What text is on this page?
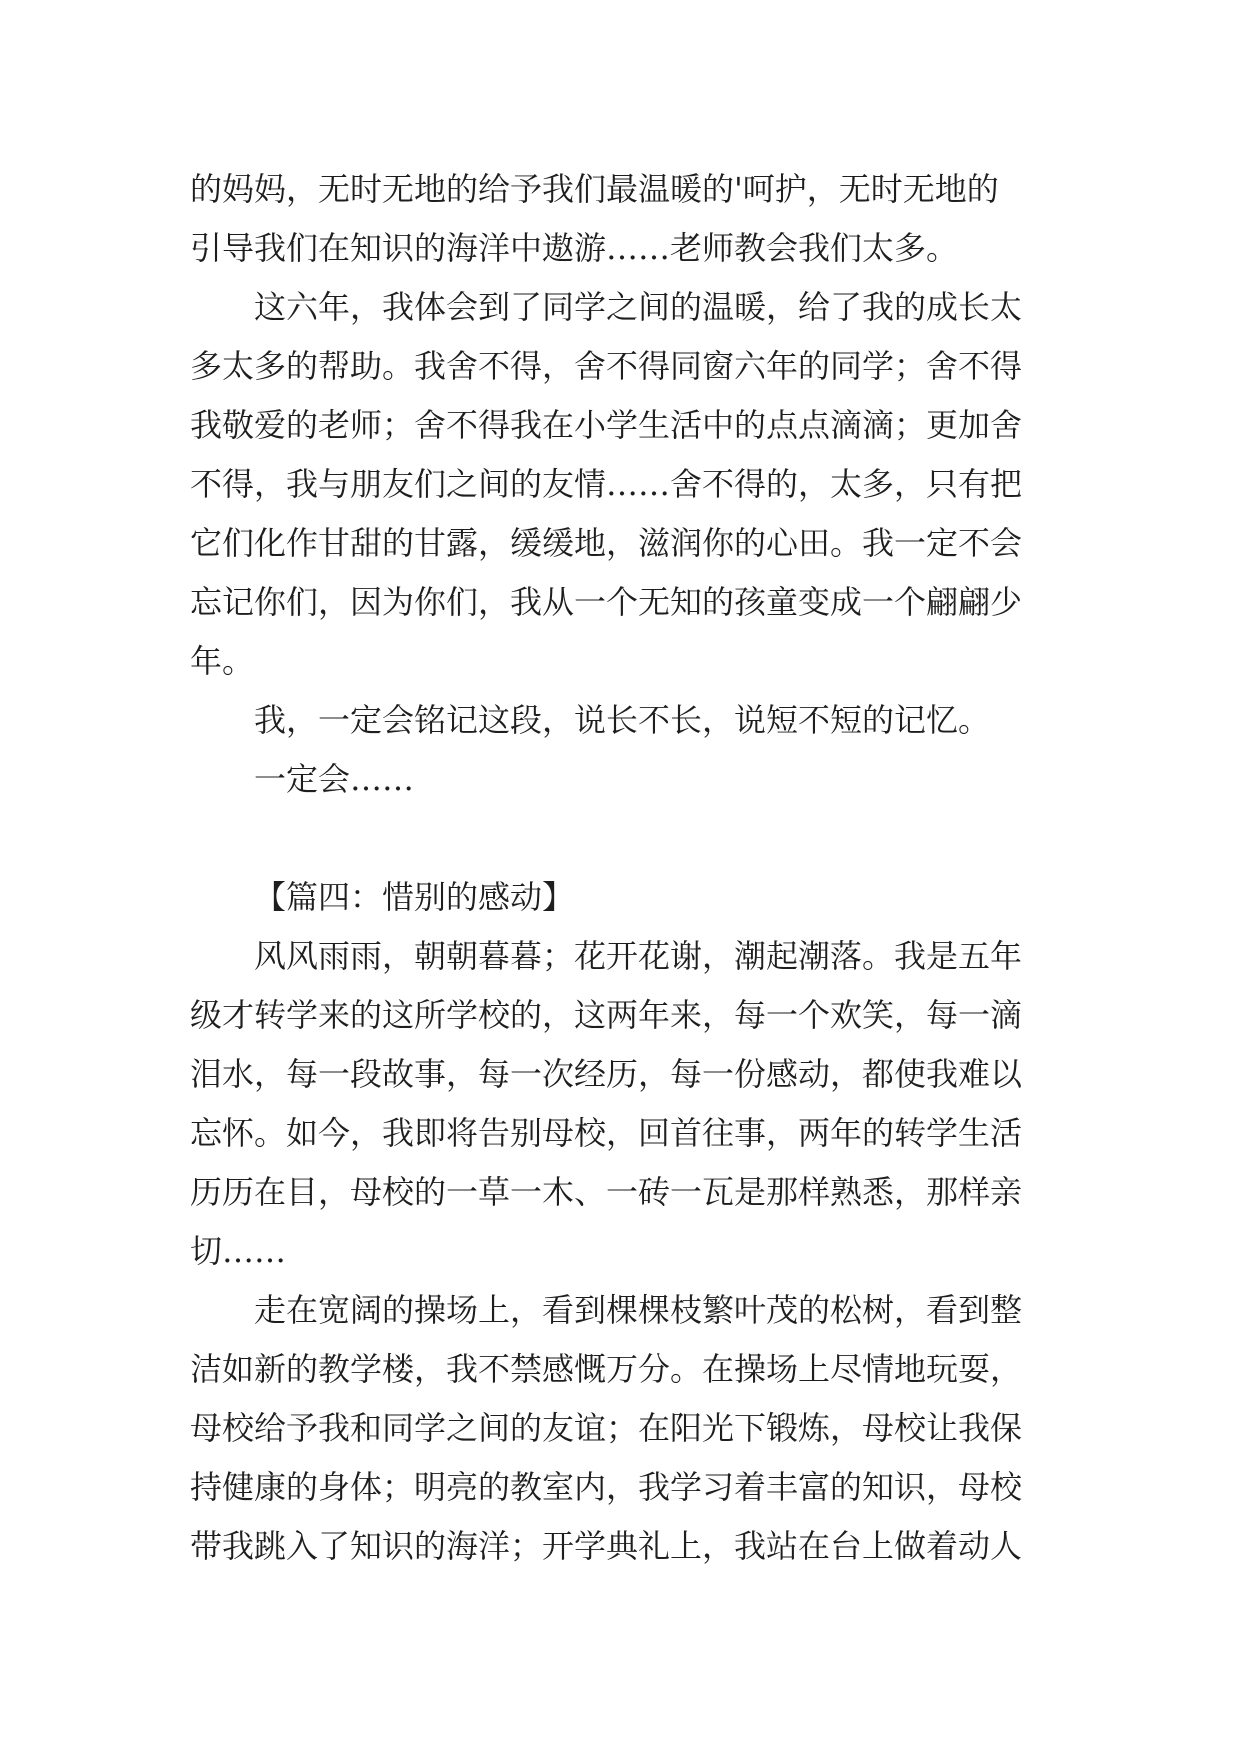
的妈妈，无时无地的给予我们最温暖的'呵护，无时无地的
引导我们在知识的海洋中遨游……老师教会我们太多。
这六年，我体会到了同学之间的温暖，给了我的成长太
多太多的帮助。我舍不得，舍不得同窗六年的同学；舍不得
我敬爱的老师；舍不得我在小学生活中的点点滴滴；更加舍
不得，我与朋友们之间的友情……舍不得的，太多，只有把
它们化作甘甜的甘露，缓缓地，滋润你的心田。我一定不会
忘记你们，因为你们，我从一个无知的孩童变成一个翩翩少
年。
我，一定会铭记这段，说长不长，说短不短的记忆。
一定会……
【篇四：惜别的感动】
风风雨雨，朝朝暮暮；花开花谢，潮起潮落。我是五年
级才转学来的这所学校的，这两年来，每一个欢笑，每一滴
泪水，每一段故事，每一次经历，每一份感动，都使我难以
忘怀。如今，我即将告别母校，回首往事，两年的转学生活
历历在目，母校的一草一木、一砖一瓦是那样熟悉，那样亲
切……
走在宽阔的操场上，看到棵棵枝繁叶茂的松树，看到整
洁如新的教学楼，我不禁感慨万分。在操场上尽情地玩耍，
母校给予我和同学之间的友谊；在阳光下锻炼，母校让我保
持健康的身体；明亮的教室内，我学习着丰富的知识，母校
带我跳入了知识的海洋；开学典礼上，我站在台上做着动人
